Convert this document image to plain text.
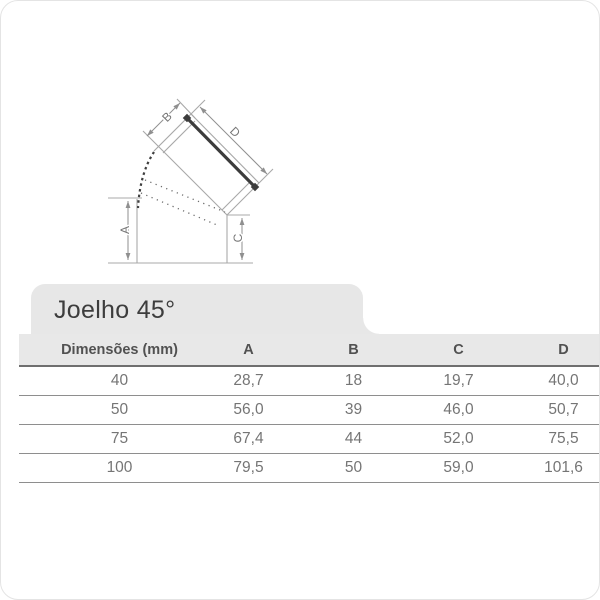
A
B
C
D
Joelho 45°
Dimensões (mm)	A	B	C	D
40	28,7	18	19,7	40,0
50	56,0	39	46,0	50,7
75	67,4	44	52,0	75,5
100	79,5	50	59,0	101,6
